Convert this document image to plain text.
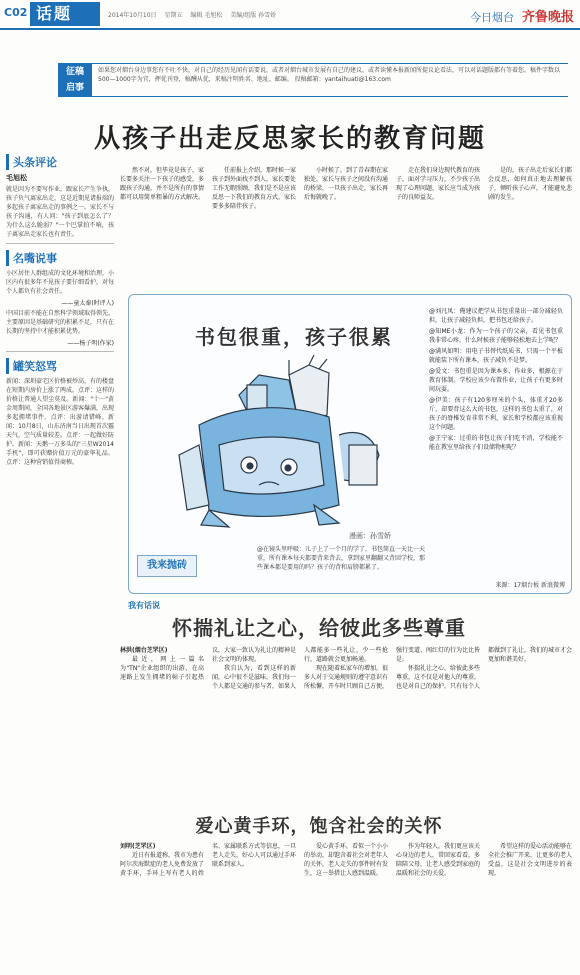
C02 话题	2014年10月10日 星期五 编辑 毛旭松 美编/组版 孙雪娇	今日烟台 齐鲁晚报
征稿
启事
如果您对烟台身边事您有不吐不快，对自己的经历见闻有话要说，或者对烟台城市发展有自己的建议，或者读懂本报新闻所提议论看法，可以对话题版都有等着您。稿件字数以500—1000字为宜，押优刊登，稿酬从优，来稿注明姓名、地址、邮编。 投稿邮箱：yantaihuati@163.com
从孩子出走反思家长的教育问题
头条评论
毛旭松

就是因为不要写作业，跟家长产生争执，孩子负气离家出走，这是近期见诸报端的多起孩子离家出走的事例之一。家长不与孩子沟通，有人问："孩子到底怎么了？为什么这么脆弱？"一个巴掌拍不响，孩子离家出走家长也有责任。

名嘴说事

小区居住人群组成的文化环境和治理，小区内有很多年不见孩子要仔细看护，对每个人都负有社会责任。

——童太秦(时评人)

中国目前不能在自然科学领域取得领先，主要原因是基础研究的积累不足，只有在长期的坚持中才能积累优势。

——杨子明(作家)
罐笑怒骂

新闻：深圳豪宅区价格被炒高，有的楼盘在短期内房价上涨了两成。点评：这样的价格让普通人望尘莫及。新闻："十一"黄金周期间，全国各地景区游客爆满，出现多起拥堵事件。点评：出游请错峰。新闻：10月8日，山东济南当日出现首次霾天气，空气质量较差。点评：一起做好防护。新闻：天鹅一万多头的"三星W2014手机"，即可获赠价值万元的豪华礼品。点评：这种营销值得商榷。

然不对，但毕竟是孩子，家长要多关注一下孩子的感受，多跟孩子沟通，并不是所有的事情都可以用简单粗暴的方式解决。

任前报上介绍，那时候一家孩子到外面找不到人，家长要处工作无暇照顾，我们是不是应该反思一下我们的教育方式，家长要多多陪伴孩子。

小时候了，到了青春期在家独处，家长与孩子之间没有沟通的桥梁，一旦孩子出走，家长再后悔就晚了。

走在我们身边现代教育的孩子，面对学习压力，不少孩子出现了心理问题，家长应当成为孩子的良师益友。

是的，孩子出走后家长们都会反思，如何真正地去理解孩子，倾听孩子心声，才能避免悲剧的发生。

书包很重，孩子很累
漫画：孙雪娇
我来抛砖
@在镜头里呼吸：儿子上了一个月的学了，书包简直一天比一天重，所有课本每天都要背来背去，拿到家里翻翻又背回学校，那些课本都是要用的吗？孩子的背和肩膀都累了。

@刘凡凤：俺建议把学从书包重量出一部分减轻负担，让孩子减轻负担，把书包还给孩子。

@知ME小龙：作为一个孩子的父亲，看见书包重我非常心疼，什么时候孩子能够轻松地去上学呢？

@满风如明：用电子书替代纸质书，只需一个平板就能装下所有课本，孩子减负不是梦。

@爱文：书包重是因为课本多、作业多，根源在于教育体制。学校应该少布置作业，让孩子有更多时间玩耍。

@伊美：孩子有120多厘米的个头，体重才20多斤，却要背这么大的书包，这样的书包太重了，对孩子的脊椎发育非常不利，家长和学校都应该重视这个问题。

@王宁家：过重的书包让孩子们吃不消，学校能不能在教室里给孩子们设储物柜呢？

来源：17烟台板 新浪微博
我有话说
怀揣礼让之心，给彼此多些尊重

林洪(烟台芝罘区)

最近，网上一篇名为"TN"企业组织的出游，在高速路上发生拥堵的帖子引起热议，大家一致认为礼让的精神是社会文明的体现。

我自认为，看到这样的新闻，心中很不是滋味。我们每一个人都是交通的参与者，如果人人都能多一些礼让，少一些抢行，道路就会更加畅通。

现在随着私家车的增加，很多人对于交通规则的遵守意识有所松懈，开车时只顾自己方便，强行变道、闯红灯的行为比比皆是。

怀揣礼让之心，给彼此多些尊重，这不仅是对他人的尊重，也是对自己的保护。只有每个人都做到了礼让，我们的城市才会更加和谐美好。

爱心黄手环，饱含社会的关怀

刘明(芝罘区)

近日有报道称，我市为患有阿尔茨海默症的老人免费发放了黄手环，手环上写有老人的姓名、家属联系方式等信息，一旦老人走失，好心人可以通过手环联系到家人。

爱心黄手环，看似一个小小的举动，却饱含着社会对老年人的关怀，老人走失的事件时有发生，这一举措让人感到温暖。

作为年轻人，我们更应该关心身边的老人，常回家看看，多陪陪父母，让老人感受到家庭的温暖和社会的关爱。

希望这样的爱心活动能够在全社会推广开来，让更多的老人受益，这是社会文明进步的表现。
